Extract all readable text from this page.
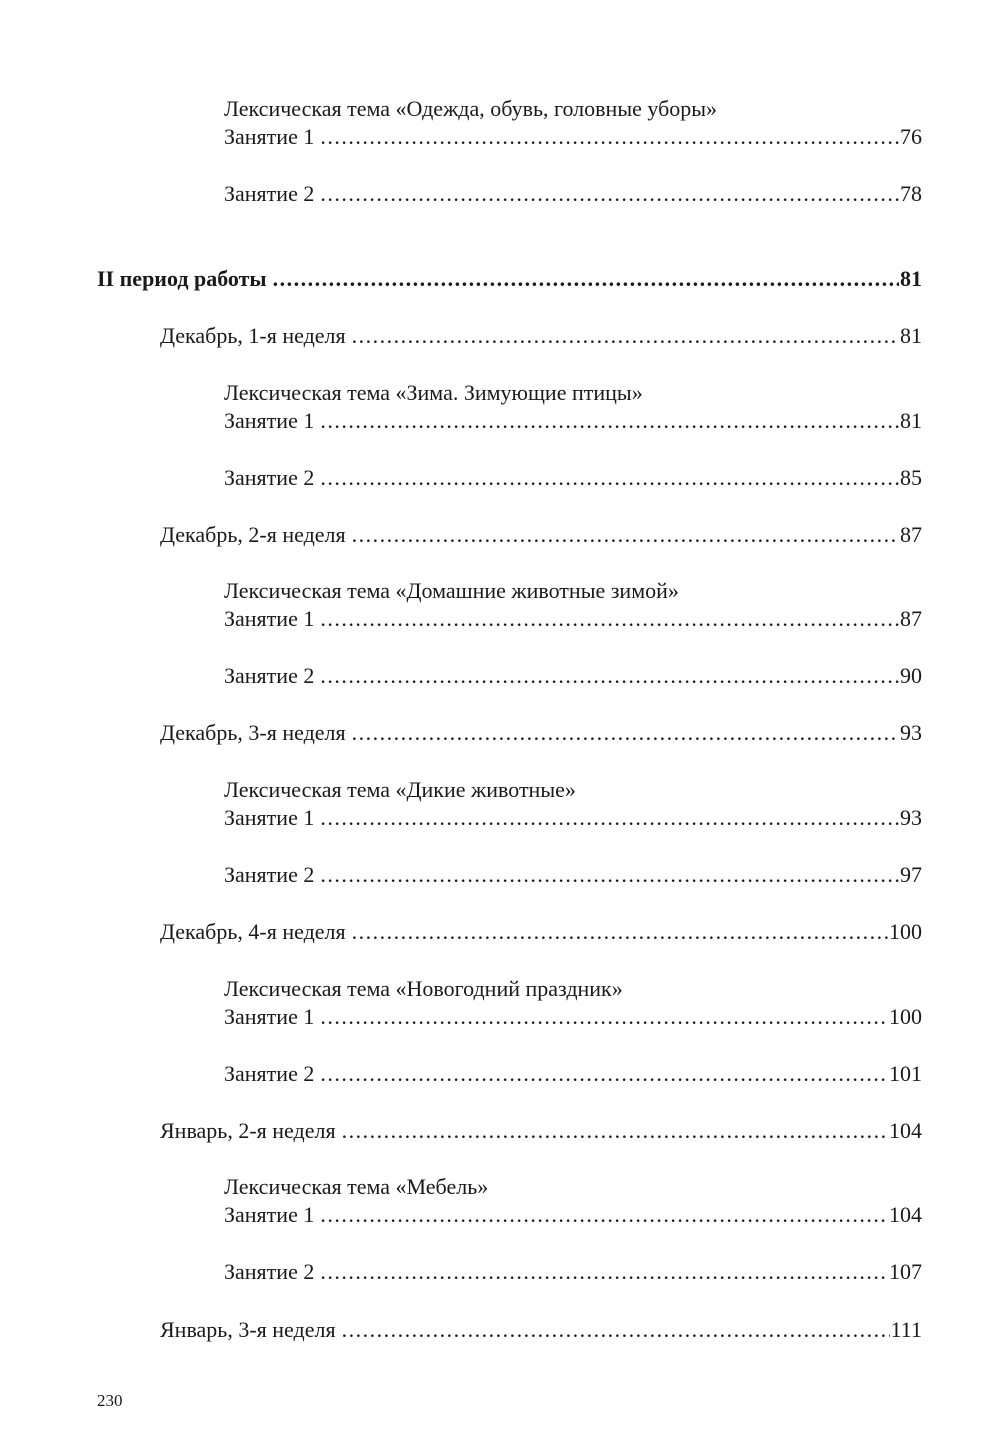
Лексическая тема «Одежда, обувь, головные уборы»
Занятие 1 .....	76
Занятие 2 .....	78
II период работы .....	81
Декабрь, 1-я неделя .....	81
Лексическая тема «Зима. Зимующие птицы»
Занятие 1 .....	81
Занятие 2 .....	85
Декабрь, 2-я неделя .....	87
Лексическая тема «Домашние животные зимой»
Занятие 1 .....	87
Занятие 2 .....	90
Декабрь, 3-я неделя .....	93
Лексическая тема «Дикие животные»
Занятие 1 .....	93
Занятие 2 .....	97
Декабрь, 4-я неделя .....	100
Лексическая тема «Новогодний праздник»
Занятие 1 .....	100
Занятие 2 .....	101
Январь, 2-я неделя .....	104
Лексическая тема «Мебель»
Занятие 1 .....	104
Занятие 2 .....	107
Январь, 3-я неделя .....	111
230
